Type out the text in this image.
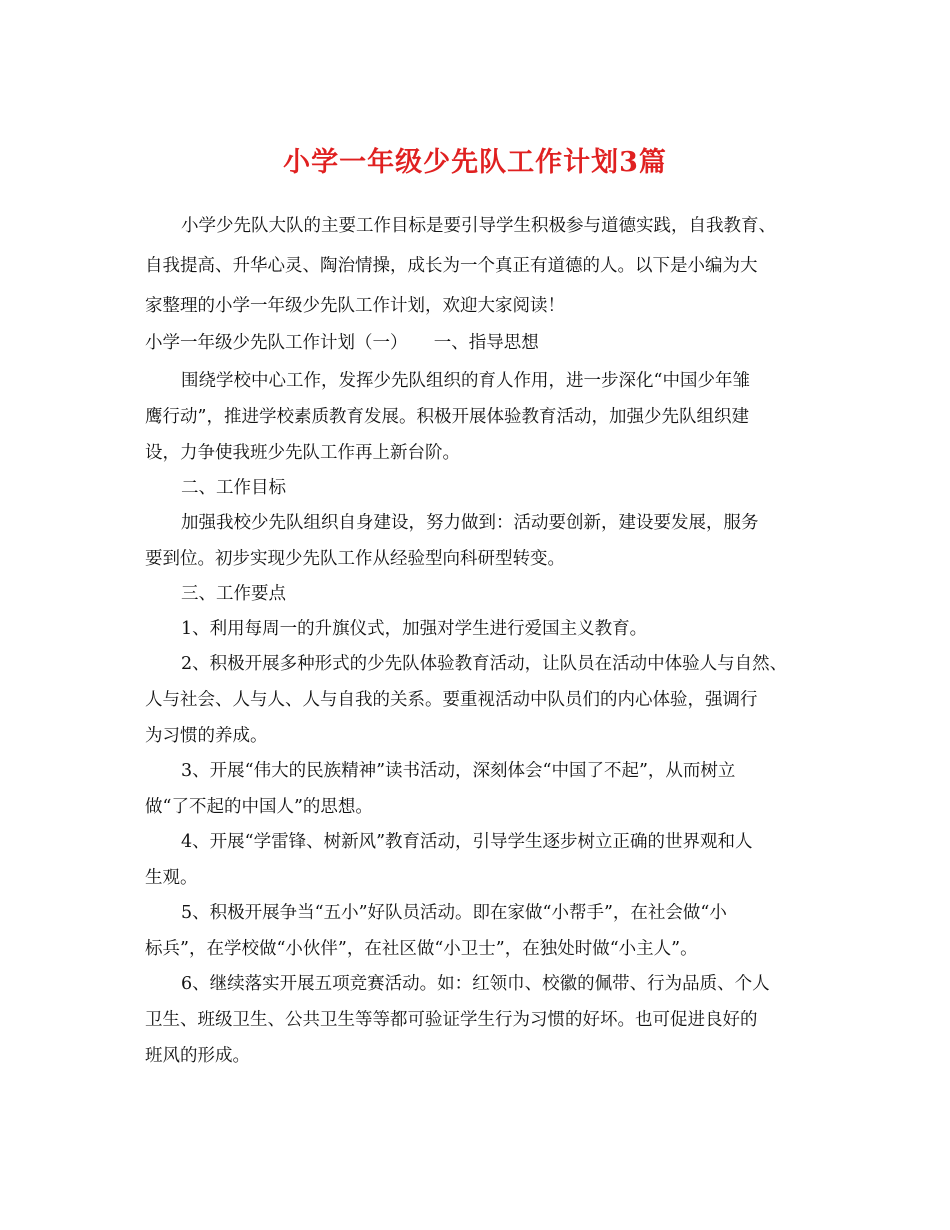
小学一年级少先队工作计划3篇

小学少先队大队的主要工作目标是要引导学生积极参与道德实践，自我教育、

自我提高、升华心灵、陶治情操，成长为一个真正有道德的人。以下是小编为大

家整理的小学一年级少先队工作计划，欢迎大家阅读！

小学一年级少先队工作计划（一）　　一、指导思想

围绕学校中心工作，发挥少先队组织的育人作用，进一步深化“中国少年雏

鹰行动”，推进学校素质教育发展。积极开展体验教育活动，加强少先队组织建

设，力争使我班少先队工作再上新台阶。

二、工作目标

加强我校少先队组织自身建设，努力做到：活动要创新，建设要发展，服务

要到位。初步实现少先队工作从经验型向科研型转变。

三、工作要点

1、利用每周一的升旗仪式，加强对学生进行爱国主义教育。

2、积极开展多种形式的少先队体验教育活动，让队员在活动中体验人与自然、

人与社会、人与人、人与自我的关系。要重视活动中队员们的内心体验，强调行

为习惯的养成。

3、开展“伟大的民族精神”读书活动，深刻体会“中国了不起”，从而树立

做“了不起的中国人”的思想。

4、开展“学雷锋、树新风”教育活动，引导学生逐步树立正确的世界观和人

生观。

5、积极开展争当“五小”好队员活动。即在家做“小帮手”，在社会做“小

标兵”，在学校做“小伙伴”，在社区做“小卫士”，在独处时做“小主人”。

6、继续落实开展五项竞赛活动。如：红领巾、校徽的佩带、行为品质、个人

卫生、班级卫生、公共卫生等等都可验证学生行为习惯的好坏。也可促进良好的

班风的形成。
